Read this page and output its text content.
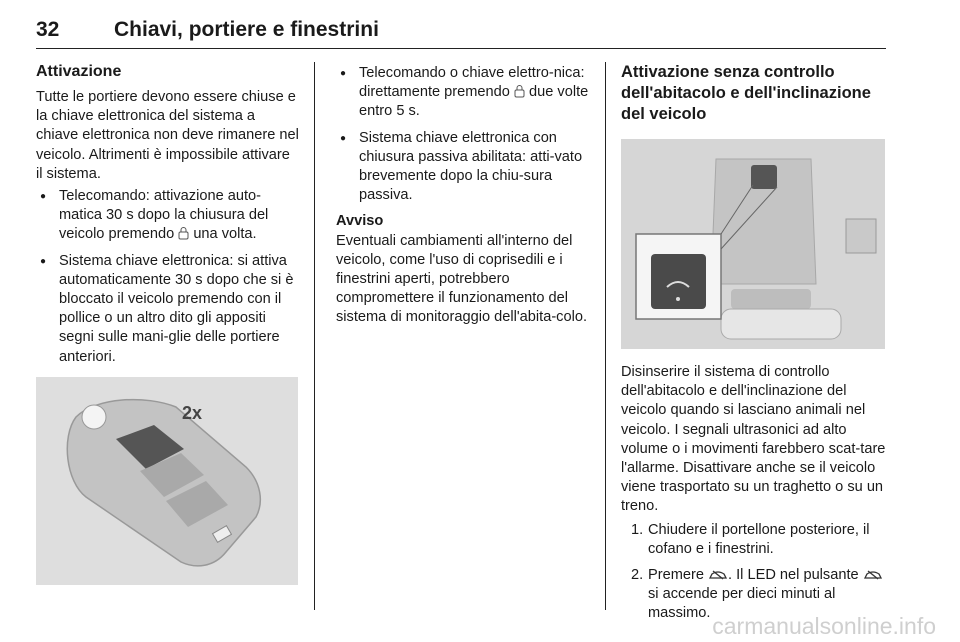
32	Chiavi, portiere e finestrini
Attivazione

Tutte le portiere devono essere chiuse e la chiave elettronica del sistema a chiave elettronica non deve rimanere nel veicolo. Altrimenti è impossibile attivare il sistema.

● Telecomando: attivazione auto-matica 30 s dopo la chiusura del veicolo premendo  una volta.
● Sistema chiave elettronica: si attiva automaticamente 30 s dopo che si è bloccato il veicolo premendo con il pollice o un altro dito gli appositi segni sulle mani-glie delle portiere anteriori.
2x
● Telecomando o chiave elettro-nica: direttamente premendo  due volte entro 5 s.
● Sistema chiave elettronica con chiusura passiva abilitata: atti-vato brevemente dopo la chiu-sura passiva.
Avviso

Eventuali cambiamenti all'interno del veicolo, come l'uso di coprisedili e i finestrini aperti, potrebbero compromettere il funzionamento del sistema di monitoraggio dell'abita-colo.

Attivazione senza controllo dell'abitacolo e dell'inclinazione del veicolo

Disinserire il sistema di controllo dell'abitacolo e dell'inclinazione del veicolo quando si lasciano animali nel veicolo. I segnali ultrasonici ad alto volume o i movimenti farebbero scat-tare l'allarme. Disattivare anche se il veicolo viene trasportato su un traghetto o su un treno.

1. Chiudere il portellone posteriore, il cofano e i finestrini.
2. Premere . Il LED nel pulsante  si accende per dieci minuti al massimo. carmanualsonline.info
